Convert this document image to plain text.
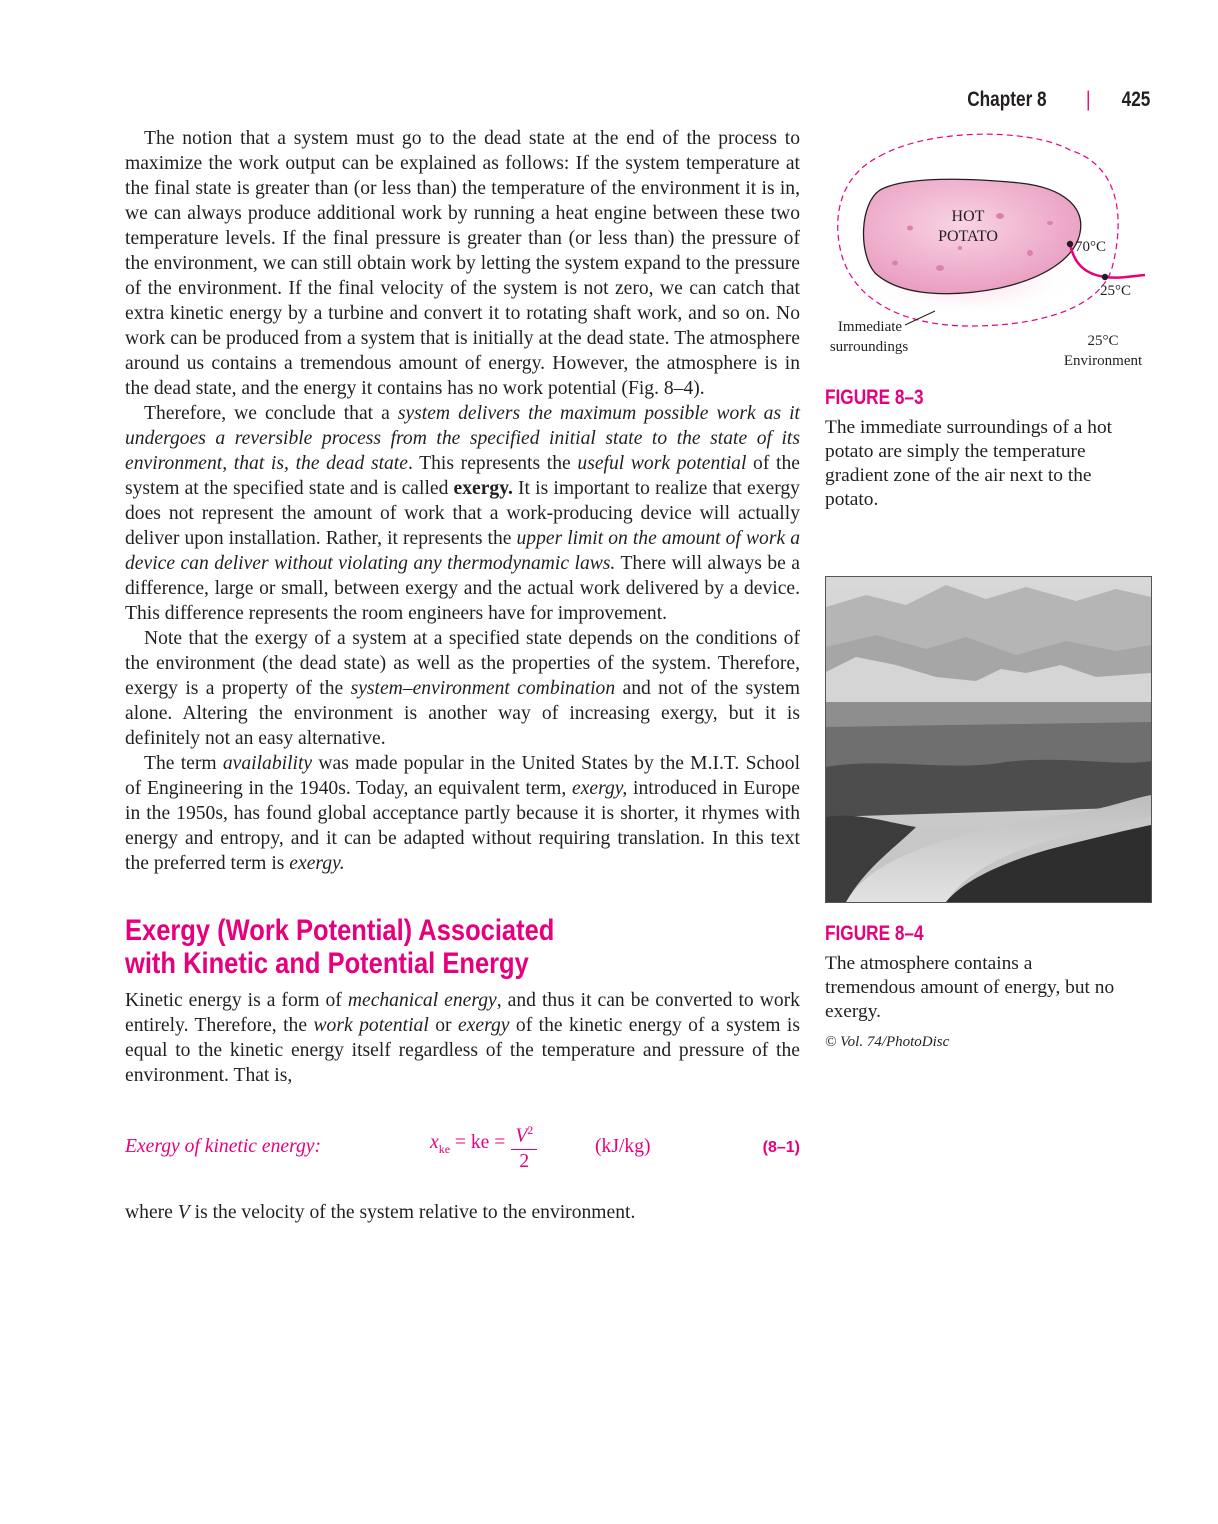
Chapter 8 | 425

The notion that a system must go to the dead state at the end of the process to maximize the work output can be explained as follows: If the system temperature at the final state is greater than (or less than) the temperature of the environment it is in, we can always produce additional work by running a heat engine between these two temperature levels. If the final pressure is greater than (or less than) the pressure of the environment, we can still obtain work by letting the system expand to the pressure of the environment. If the final velocity of the system is not zero, we can catch that extra kinetic energy by a turbine and convert it to rotating shaft work, and so on. No work can be produced from a system that is initially at the dead state. The atmosphere around us contains a tremendous amount of energy. However, the atmosphere is in the dead state, and the energy it contains has no work potential (Fig. 8–4).

Therefore, we conclude that a system delivers the maximum possible work as it undergoes a reversible process from the specified initial state to the state of its environment, that is, the dead state. This represents the useful work potential of the system at the specified state and is called exergy. It is important to realize that exergy does not represent the amount of work that a work-producing device will actually deliver upon installation. Rather, it represents the upper limit on the amount of work a device can deliver without violating any thermodynamic laws. There will always be a difference, large or small, between exergy and the actual work delivered by a device. This difference represents the room engineers have for improvement.

Note that the exergy of a system at a specified state depends on the conditions of the environment (the dead state) as well as the properties of the system. Therefore, exergy is a property of the system–environment combination and not of the system alone. Altering the environment is another way of increasing exergy, but it is definitely not an easy alternative.

The term availability was made popular in the United States by the M.I.T. School of Engineering in the 1940s. Today, an equivalent term, exergy, introduced in Europe in the 1950s, has found global acceptance partly because it is shorter, it rhymes with energy and entropy, and it can be adapted without requiring translation. In this text the preferred term is exergy.

Exergy (Work Potential) Associated
with Kinetic and Potential Energy

Kinetic energy is a form of mechanical energy, and thus it can be converted to work entirely. Therefore, the work potential or exergy of the kinetic energy of a system is equal to the kinetic energy itself regardless of the temperature and pressure of the environment. That is,

Exergy of kinetic energy:	$x_{ke}$ = ke = $\frac{V^2}{2}$	(kJ/kg)	(8–1)

where V is the velocity of the system relative to the environment.

HOT
POTATO
70°C
25°C
Immediate
surroundings	25°C
Environment
FIGURE 8–3
The immediate surroundings of a hot potato are simply the temperature gradient zone of the air next to the potato.
FIGURE 8–4
The atmosphere contains a tremendous amount of energy, but no exergy.
© Vol. 74/PhotoDisc
